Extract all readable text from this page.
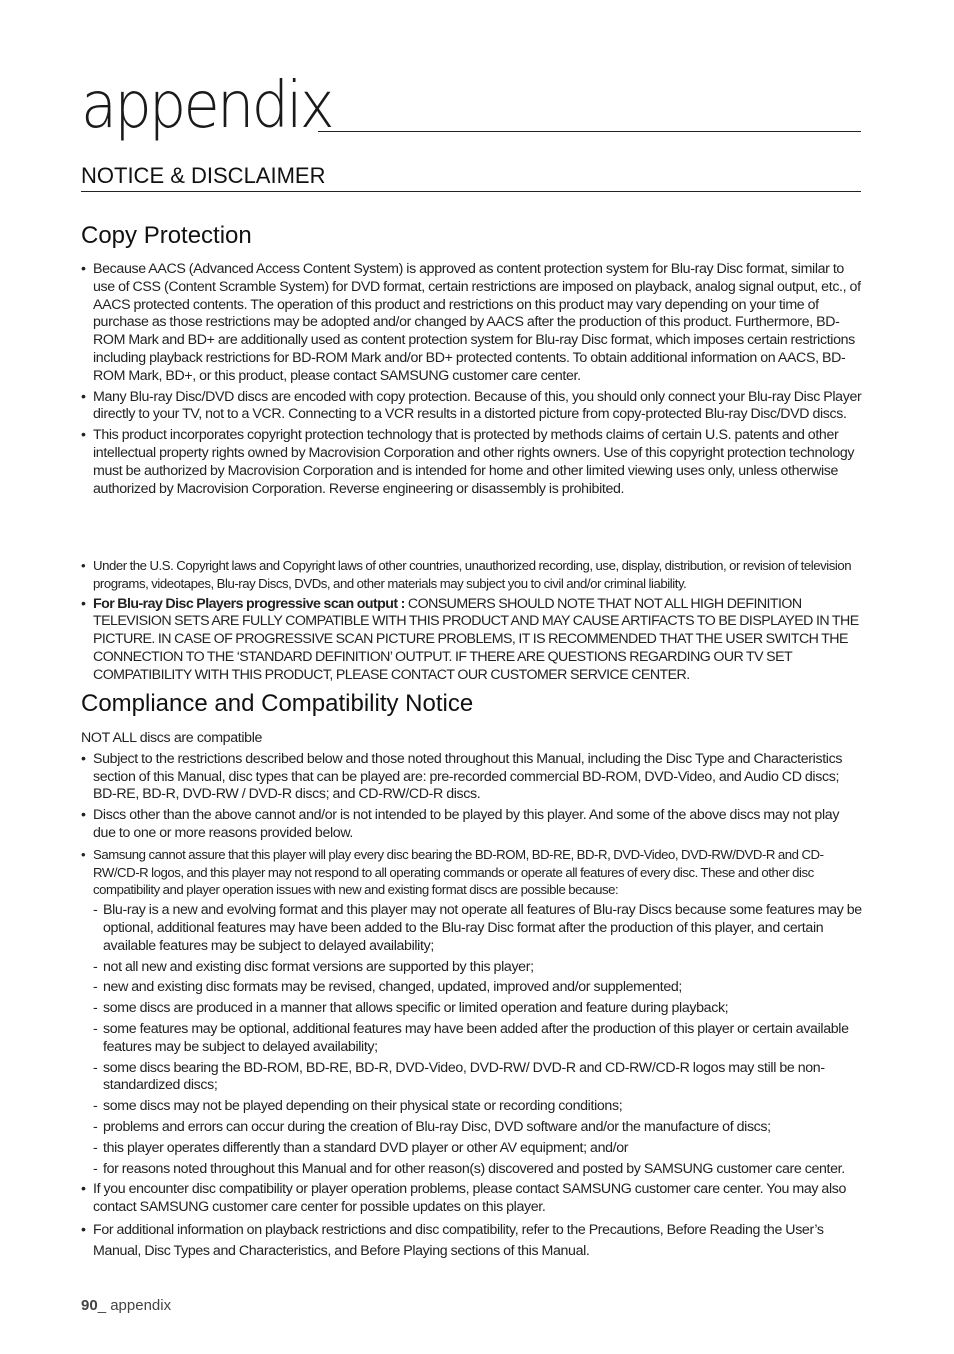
appendix
NOTICE & DISCLAIMER
Copy Protection

• Because AACS (Advanced Access Content System) is approved as content protection system for Blu-ray Disc format, similar to use of CSS (Content Scramble System) for DVD format, certain restrictions are imposed on playback, analog signal output, etc., of AACS protected contents. The operation of this product and restrictions on this product may vary depending on your time of purchase as those restrictions may be adopted and/or changed by AACS after the production of this product. Furthermore, BD-ROM Mark and BD+ are additionally used as content protection system for Blu-ray Disc format, which imposes certain restrictions including playback restrictions for BD-ROM Mark and/or BD+ protected contents. To obtain additional information on AACS, BD-ROM Mark, BD+, or this product, please contact SAMSUNG customer care center.

• Many Blu-ray Disc/DVD discs are encoded with copy protection. Because of this, you should only connect your Blu-ray Disc Player directly to your TV, not to a VCR. Connecting to a VCR results in a distorted picture from copy-protected Blu-ray Disc/DVD discs.

• This product incorporates copyright protection technology that is protected by methods claims of certain U.S. patents and other intellectual property rights owned by Macrovision Corporation and other rights owners. Use of this copyright protection technology must be authorized by Macrovision Corporation and is intended for home and other limited viewing uses only, unless otherwise authorized by Macrovision Corporation. Reverse engineering or disassembly is prohibited.

• Under the U.S. Copyright laws and Copyright laws of other countries, unauthorized recording, use, display, distribution, or revision of television programs, videotapes, Blu-ray Discs, DVDs, and other materials may subject you to civil and/or criminal liability.

• For Blu-ray Disc Players progressive scan output : CONSUMERS SHOULD NOTE THAT NOT ALL HIGH DEFINITION TELEVISION SETS ARE FULLY COMPATIBLE WITH THIS PRODUCT AND MAY CAUSE ARTIFACTS TO BE DISPLAYED IN THE PICTURE. IN CASE OF PROGRESSIVE SCAN PICTURE PROBLEMS, IT IS RECOMMENDED THAT THE USER SWITCH THE CONNECTION TO THE ‘STANDARD DEFINITION’ OUTPUT. IF THERE ARE QUESTIONS REGARDING OUR TV SET COMPATIBILITY WITH THIS PRODUCT, PLEASE CONTACT OUR CUSTOMER SERVICE CENTER.

Compliance and Compatibility Notice

NOT ALL discs are compatible

• Subject to the restrictions described below and those noted throughout this Manual, including the Disc Type and Characteristics section of this Manual, disc types that can be played are: pre-recorded commercial BD-ROM, DVD-Video, and Audio CD discs; BD-RE, BD-R, DVD-RW / DVD-R discs; and CD-RW/CD-R discs.

• Discs other than the above cannot and/or is not intended to be played by this player. And some of the above discs may not play due to one or more reasons provided below.

• Samsung cannot assure that this player will play every disc bearing the BD-ROM, BD-RE, BD-R, DVD-Video, DVD-RW/DVD-R and CD-RW/CD-R logos, and this player may not respond to all operating commands or operate all features of every disc. These and other disc compatibility and player operation issues with new and existing format discs are possible because:

- Blu-ray is a new and evolving format and this player may not operate all features of Blu-ray Discs because some features may be optional, additional features may have been added to the Blu-ray Disc format after the production of this player, and certain available features may be subject to delayed availability;

- not all new and existing disc format versions are supported by this player;

- new and existing disc formats may be revised, changed, updated, improved and/or supplemented;

- some discs are produced in a manner that allows specific or limited operation and feature during playback;

- some features may be optional, additional features may have been added after the production of this player or certain available features may be subject to delayed availability;

- some discs bearing the BD-ROM, BD-RE, BD-R, DVD-Video, DVD-RW/ DVD-R and CD-RW/CD-R logos may still be non-standardized discs;

- some discs may not be played depending on their physical state or recording conditions;

- problems and errors can occur during the creation of Blu-ray Disc, DVD software and/or the manufacture of discs;

- this player operates differently than a standard DVD player or other AV equipment; and/or

- for reasons noted throughout this Manual and for other reason(s) discovered and posted by SAMSUNG customer care center.

• If you encounter disc compatibility or player operation problems, please contact SAMSUNG customer care center. You may also contact SAMSUNG customer care center for possible updates on this player.

• For additional information on playback restrictions and disc compatibility, refer to the Precautions, Before Reading the User’s Manual, Disc Types and Characteristics, and Before Playing sections of this Manual.

90_ appendix
